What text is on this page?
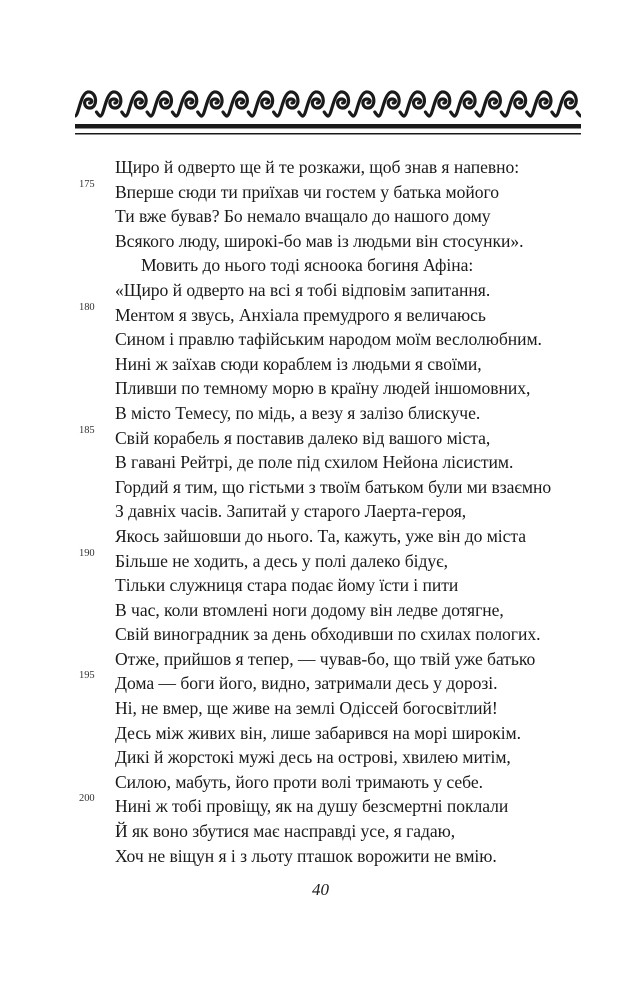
Щиро й одверто ще й те розкажи, щоб знав я напевно:
Вперше сюди ти приїхав чи гостем у батька мойого
175
Ти вже бував? Бо немало вчащало до нашого дому
Всякого люду, широкі-бо мав із людьми він стосунки».
Мовить до нього тоді ясноока богиня Афіна:
«Щиро й одверто на всі я тобі відповім запитання.
Ментом я звусь, Анхіала премудрого я величаюсь
180
Сином і правлю тафійським народом моїм веслолюбним.
Нині ж заїхав сюди кораблем із людьми я своїми,
Пливши по темному морю в країну людей іншомовних,
В місто Темесу, по мідь, а везу я залізо блискуче.
Свій корабель я поставив далеко від вашого міста,
185
В гавані Рейтрі, де поле під схилом Нейона лісистим.
Гордий я тим, що гістьми з твоїм батьком були ми взаємно
З давніх часів. Запитай у старого Лаерта-героя,
Якось зайшовши до нього. Та, кажуть, уже він до міста
Більше не ходить, а десь у полі далеко бідує,
190
Тільки служниця стара подає йому їсти і пити
В час, коли втомлені ноги додому він ледве дотягне,
Свій виноградник за день обходивши по схилах пологих.
Отже, прийшов я тепер, — чував-бо, що твій уже батько
Дома — боги його, видно, затримали десь у дорозі.
195
Ні, не вмер, ще живе на землі Одіссей богосвітлий!
Десь між живих він, лише забарився на морі широкім.
Дикі й жорстокі мужі десь на острові, хвилею митім,
Силою, мабуть, його проти волі тримають у себе.
Нині ж тобі провіщу, як на душу безсмертні поклали
200
Й як воно збутися має насправді усе, я гадаю,
Хоч не віщун я і з льоту пташок ворожити не вмію.
40
